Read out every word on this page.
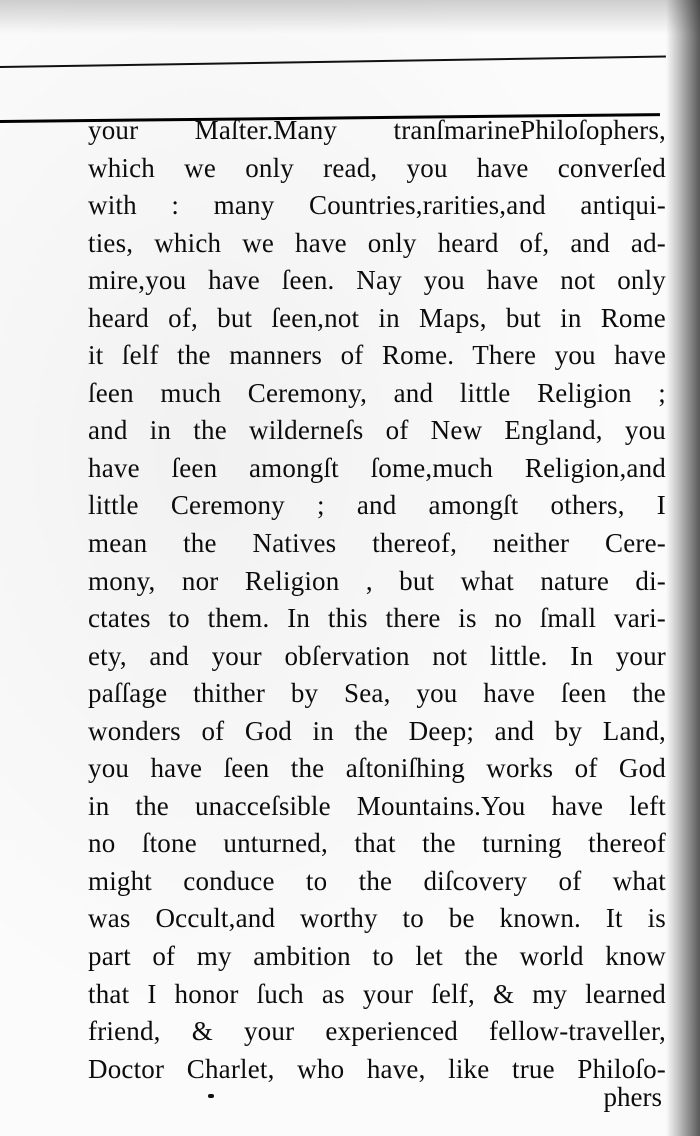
your Maſter.Many tranſmarinePhiloſophers,
which we only read, you have converſed
with : many Countries,rarities,and antiqui-
ties, which we have only heard of, and ad-
mire,you have ſeen. Nay you have not only
heard of, but ſeen,not in Maps, but in Rome
it ſelf the manners of Rome. There you have
ſeen much Ceremony, and little Religion ;
and in the wilderneſs of New England, you
have ſeen amongſt ſome,much Religion,and
little Ceremony ; and amongſt others, I
mean the Natives thereof, neither Cere-
mony, nor Religion , but what nature di-
ctates to them. In this there is no ſmall vari-
ety, and your obſervation not little. In your
paſſage thither by Sea, you have ſeen the
wonders of God in the Deep; and by Land,
you have ſeen the aſtoniſhing works of God
in the unacceſsible Mountains.You have left
no ſtone unturned, that the turning thereof
might conduce to the diſcovery of what
was Occult,and worthy to be known. It is
part of my ambition to let the world know
that I honor ſuch as your ſelf, & my learned
friend, & your experienced fellow-traveller,
Doctor Charlet, who have, like true Philoſo-
phers
